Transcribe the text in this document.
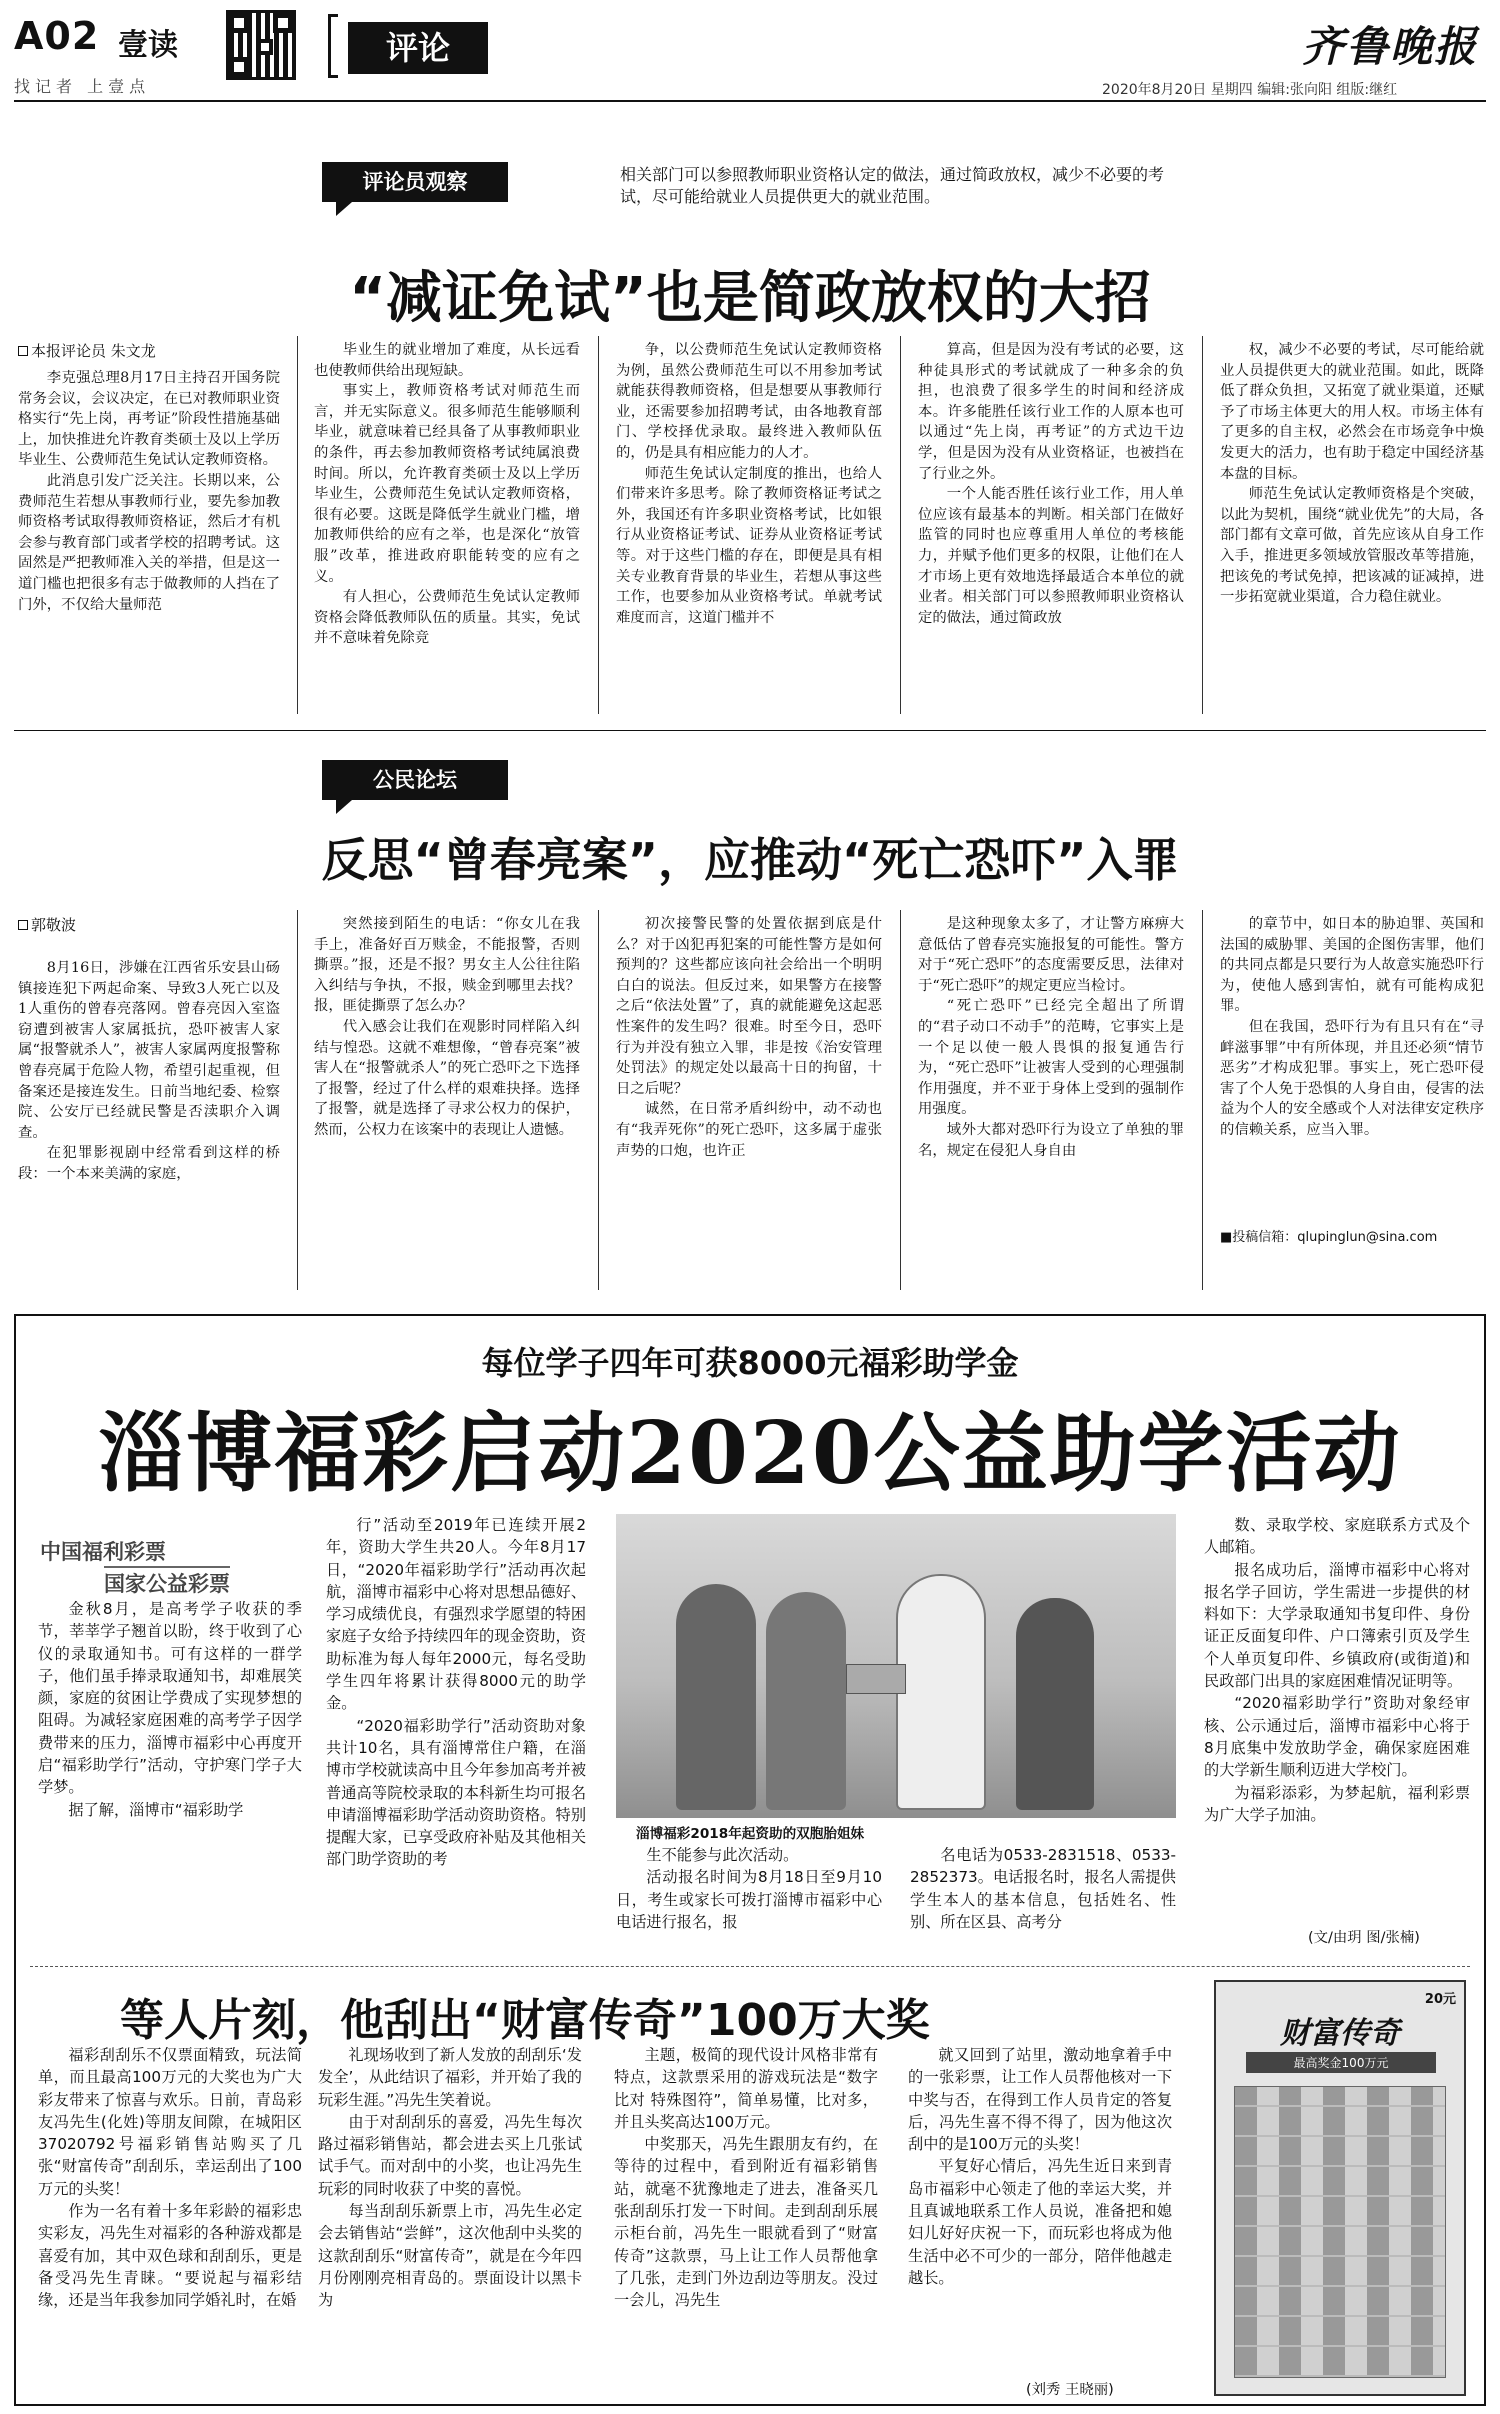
A02 壹读	评论	齐鲁晚报
找记者 上壹点	2020年8月20日 星期四 编辑:张向阳 组版:继红
评论员观察	相关部门可以参照教师职业资格认定的做法，通过简政放权，减少不必要的考试，尽可能给就业人员提供更大的就业范围。
“减证免试”也是简政放权的大招
本报评论员 朱文龙

李克强总理8月17日主持召开国务院常务会议，会议决定，在已对教师职业资格实行“先上岗，再考证”阶段性措施基础上，加快推进允许教育类硕士及以上学历毕业生、公费师范生免试认定教师资格。

此消息引发广泛关注。长期以来，公费师范生若想从事教师行业，要先参加教师资格考试取得教师资格证，然后才有机会参与教育部门或者学校的招聘考试。这固然是严把教师准入关的举措，但是这一道门槛也把很多有志于做教师的人挡在了门外，不仅给大量师范

毕业生的就业增加了难度，从长远看也使教师供给出现短缺。

事实上，教师资格考试对师范生而言，并无实际意义。很多师范生能够顺利毕业，就意味着已经具备了从事教师职业的条件，再去参加教师资格考试纯属浪费时间。所以，允许教育类硕士及以上学历毕业生，公费师范生免试认定教师资格，很有必要。这既是降低学生就业门槛，增加教师供给的应有之举，也是深化“放管服”改革，推进政府职能转变的应有之义。

有人担心，公费师范生免试认定教师资格会降低教师队伍的质量。其实，免试并不意味着免除竞

争，以公费师范生免试认定教师资格为例，虽然公费师范生可以不用参加考试就能获得教师资格，但是想要从事教师行业，还需要参加招聘考试，由各地教育部门、学校择优录取。最终进入教师队伍的，仍是具有相应能力的人才。

师范生免试认定制度的推出，也给人们带来许多思考。除了教师资格证考试之外，我国还有许多职业资格考试，比如银行从业资格证考试、证券从业资格证考试等。对于这些门槛的存在，即便是具有相关专业教育背景的毕业生，若想从事这些工作，也要参加从业资格考试。单就考试难度而言，这道门槛并不

算高，但是因为没有考试的必要，这种徒具形式的考试就成了一种多余的负担，也浪费了很多学生的时间和经济成本。许多能胜任该行业工作的人原本也可以通过“先上岗，再考证”的方式边干边学，但是因为没有从业资格证，也被挡在了行业之外。

一个人能否胜任该行业工作，用人单位应该有最基本的判断。相关部门在做好监管的同时也应尊重用人单位的考核能力，并赋予他们更多的权限，让他们在人才市场上更有效地选择最适合本单位的就业者。相关部门可以参照教师职业资格认定的做法，通过简政放

权，减少不必要的考试，尽可能给就业人员提供更大的就业范围。如此，既降低了群众负担，又拓宽了就业渠道，还赋予了市场主体更大的用人权。市场主体有了更多的自主权，必然会在市场竞争中焕发更大的活力，也有助于稳定中国经济基本盘的目标。

师范生免试认定教师资格是个突破，以此为契机，围绕“就业优先”的大局，各部门都有文章可做，首先应该从自身工作入手，推进更多领域放管服改革等措施，把该免的考试免掉，把该减的证减掉，进一步拓宽就业渠道，合力稳住就业。

公民论坛
反思“曾春亮案”，应推动“死亡恐吓”入罪
郭敬波

8月16日，涉嫌在江西省乐安县山砀镇接连犯下两起命案、导致3人死亡以及1人重伤的曾春亮落网。曾春亮因入室盗窃遭到被害人家属抵抗，恐吓被害人家属“报警就杀人”，被害人家属两度报警称曾春亮属于危险人物，希望引起重视，但备案还是接连发生。日前当地纪委、检察院、公安厅已经就民警是否渎职介入调查。

在犯罪影视剧中经常看到这样的桥段：一个本来美满的家庭，

突然接到陌生的电话：“你女儿在我手上，准备好百万赎金，不能报警，否则撕票。”报，还是不报？男女主人公往往陷入纠结与争执，不报，赎金到哪里去找？报，匪徒撕票了怎么办？

代入感会让我们在观影时同样陷入纠结与惶恐。这就不难想像，“曾春亮案”被害人在“报警就杀人”的死亡恐吓之下选择了报警，经过了什么样的艰难抉择。选择了报警，就是选择了寻求公权力的保护，然而，公权力在该案中的表现让人遗憾。

初次接警民警的处置依据到底是什么？对于凶犯再犯案的可能性警方是如何预判的？这些都应该向社会给出一个明明白白的说法。但反过来，如果警方在接警之后“依法处置”了，真的就能避免这起恶性案件的发生吗？很难。时至今日，恐吓行为并没有独立入罪，非是按《治安管理处罚法》的规定处以最高十日的拘留，十日之后呢？

诚然，在日常矛盾纠纷中，动不动也有“我弄死你”的死亡恐吓，这多属于虚张声势的口炮，也许正

是这种现象太多了，才让警方麻痹大意低估了曾春亮实施报复的可能性。警方对于“死亡恐吓”的态度需要反思，法律对于“死亡恐吓”的规定更应当检讨。

“死亡恐吓”已经完全超出了所谓的“君子动口不动手”的范畴，它事实上是一个足以使一般人畏惧的报复通告行为，“死亡恐吓”让被害人受到的心理强制作用强度，并不亚于身体上受到的强制作用强度。

域外大都对恐吓行为设立了单独的罪名，规定在侵犯人身自由

的章节中，如日本的胁迫罪、英国和法国的威胁罪、美国的企图伤害罪，他们的共同点都是只要行为人故意实施恐吓行为，使他人感到害怕，就有可能构成犯罪。

但在我国，恐吓行为有且只有在“寻衅滋事罪”中有所体现，并且还必须“情节恶劣”才构成犯罪。事实上，死亡恐吓侵害了个人免于恐惧的人身自由，侵害的法益为个人的安全感或个人对法律安定秩序的信赖关系，应当入罪。

■投稿信箱：qlupinglun@sina.com
每位学子四年可获8000元福彩助学金
淄博福彩启动2020公益助学活动
中国福利彩票
国家公益彩票

金秋8月，是高考学子收获的季节，莘莘学子翘首以盼，终于收到了心仪的录取通知书。可有这样的一群学子，他们虽手捧录取通知书，却难展笑颜，家庭的贫困让学费成了实现梦想的阻碍。为减轻家庭困难的高考学子因学费带来的压力，淄博市福彩中心再度开启“福彩助学行”活动，守护寒门学子大学梦。

据了解，淄博市“福彩助学

行”活动至2019年已连续开展2年，资助大学生共20人。今年8月17日，“2020年福彩助学行”活动再次起航，淄博市福彩中心将对思想品德好、学习成绩优良，有强烈求学愿望的特困家庭子女给予持续四年的现金资助，资助标准为每人每年2000元，每名受助学生四年将累计获得8000元的助学金。

“2020福彩助学行”活动资助对象共计10名，具有淄博常住户籍，在淄博市学校就读高中且今年参加高考并被普通高等院校录取的本科新生均可报名申请淄博福彩助学活动资助资格。特别提醒大家，已享受政府补贴及其他相关部门助学资助的考

淄博福彩2018年起资助的双胞胎姐妹

生不能参与此次活动。

活动报名时间为8月18日至9月10日，考生或家长可拨打淄博市福彩中心电话进行报名，报

名电话为0533-2831518、0533-2852373。电话报名时，报名人需提供学生本人的基本信息，包括姓名、性别、所在区县、高考分

数、录取学校、家庭联系方式及个人邮箱。

报名成功后，淄博市福彩中心将对报名学子回访，学生需进一步提供的材料如下：大学录取通知书复印件、身份证正反面复印件、户口簿索引页及学生个人单页复印件、乡镇政府(或街道)和民政部门出具的家庭困难情况证明等。

“2020福彩助学行”资助对象经审核、公示通过后，淄博市福彩中心将于8月底集中发放助学金，确保家庭困难的大学新生顺利迈进大学校门。

为福彩添彩，为梦起航，福利彩票为广大学子加油。

(文/由玥 图/张楠)
等人片刻，他刮出“财富传奇”100万大奖

福彩刮刮乐不仅票面精致，玩法简单，而且最高100万元的大奖也为广大彩友带来了惊喜与欢乐。日前，青岛彩友冯先生(化姓)等朋友间隙，在城阳区37020792号福彩销售站购买了几张“财富传奇”刮刮乐，幸运刮出了100万元的头奖！

作为一名有着十多年彩龄的福彩忠实彩友，冯先生对福彩的各种游戏都是喜爱有加，其中双色球和刮刮乐，更是备受冯先生青睐。“要说起与福彩结缘，还是当年我参加同学婚礼时，在婚

礼现场收到了新人发放的刮刮乐‘发发全’，从此结识了福彩，并开始了我的玩彩生涯。”冯先生笑着说。

由于对刮刮乐的喜爱，冯先生每次路过福彩销售站，都会进去买上几张试试手气。而对刮中的小奖，也让冯先生玩彩的同时收获了中奖的喜悦。

每当刮刮乐新票上市，冯先生必定会去销售站“尝鲜”，这次他刮中头奖的这款刮刮乐“财富传奇”，就是在今年四月份刚刚亮相青岛的。票面设计以黑卡为

主题，极简的现代设计风格非常有特点，这款票采用的游戏玩法是“数字比对 特殊图符”，简单易懂，比对多，并且头奖高达100万元。

中奖那天，冯先生跟朋友有约，在等待的过程中，看到附近有福彩销售站，就毫不犹豫地走了进去，准备买几张刮刮乐打发一下时间。走到刮刮乐展示柜台前，冯先生一眼就看到了“财富传奇”这款票，马上让工作人员帮他拿了几张，走到门外边刮边等朋友。没过一会儿，冯先生

就又回到了站里，激动地拿着手中的一张彩票，让工作人员帮他核对一下中奖与否，在得到工作人员肯定的答复后，冯先生喜不得不得了，因为他这次刮中的是100万元的头奖！

平复好心情后，冯先生近日来到青岛市福彩中心领走了他的幸运大奖，并且真诚地联系工作人员说，准备把和媳妇儿好好庆祝一下，而玩彩也将成为他生活中必不可少的一部分，陪伴他越走越长。

(刘秀 王晓丽)
20元
财富传奇
最高奖金100万元
